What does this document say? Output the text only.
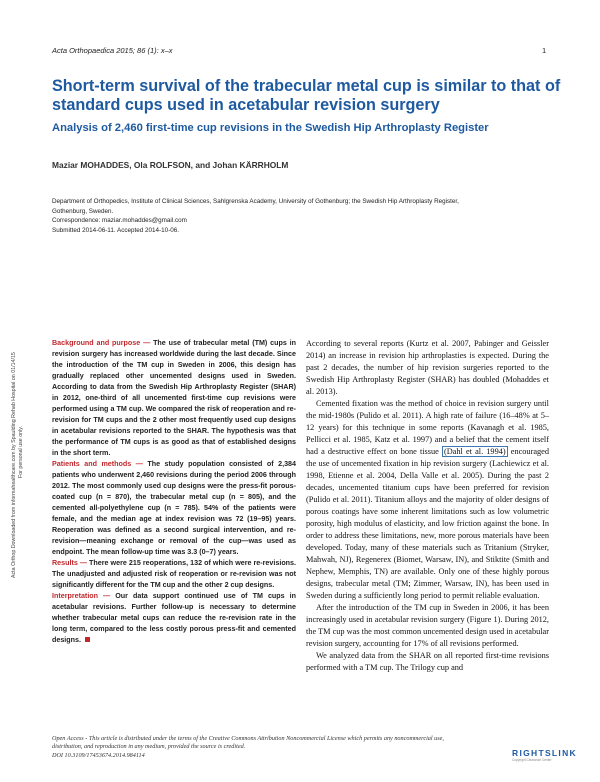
Acta Orthopaedica 2015; 86 (1): x–x	1
Short-term survival of the trabecular metal cup is similar to that of standard cups used in acetabular revision surgery
Analysis of 2,460 first-time cup revisions in the Swedish Hip Arthroplasty Register
Maziar MOHADDES, Ola ROLFSON, and Johan KÄRRHOLM
Department of Orthopedics, Institute of Clinical Sciences, Sahlgrenska Academy, University of Gothenburg; the Swedish Hip Arthroplasty Register,
Gothenburg, Sweden.
Correspondence: maziar.mohaddes@gmail.com
Submitted 2014-06-11. Accepted 2014-10-06.

Background and purpose — The use of trabecular metal (TM) cups in revision surgery has increased worldwide during the last decade. Since the introduction of the TM cup in Sweden in 2006, this design has gradually replaced other uncemented designs used in Sweden. According to data from the Swedish Hip Arthroplasty Register (SHAR) in 2012, one-third of all uncemented first-time cup revisions were performed using a TM cup. We compared the risk of reoperation and re-revision for TM cups and the 2 other most frequently used cup designs in acetabular revisions reported to the SHAR. The hypothesis was that the performance of TM cups is as good as that of established designs in the short term.

Patients and methods — The study population consisted of 2,384 patients who underwent 2,460 revisions during the period 2006 through 2012. The most commonly used cup designs were the press-fit porous-coated cup (n = 870), the trabecular metal cup (n = 805), and the cemented all-polyethylene cup (n = 785). 54% of the patients were female, and the median age at index revision was 72 (19–95) years. Reoperation was defined as a second surgical intervention, and re-revision—meaning exchange or removal of the cup—was used as endpoint. The mean follow-up time was 3.3 (0–7) years.

Results — There were 215 reoperations, 132 of which were re-revisions. The unadjusted and adjusted risk of reoperation or re-revision was not significantly different for the TM cup and the other 2 cup designs.

Interpretation — Our data support continued use of TM cups in acetabular revisions. Further follow-up is necessary to determine whether trabecular metal cups can reduce the re-revision rate in the long term, compared to the less costly porous press-fit and cemented designs.

According to several reports (Kurtz et al. 2007, Pabinger and Geissler 2014) an increase in revision hip arthroplasties is expected. During the past 2 decades, the number of hip revision surgeries reported to the Swedish Hip Arthroplasty Register (SHAR) has doubled (Mohaddes et al. 2013).

Cemented fixation was the method of choice in revision surgery until the mid-1980s (Pulido et al. 2011). A high rate of failure (16–48% at 5–12 years) for this technique in some reports (Kavanagh et al. 1985, Pellicci et al. 1985, Katz et al. 1997) and a belief that the cement itself had a destructive effect on bone tissue (Dahl et al. 1994) encouraged the use of uncemented fixation in hip revision surgery (Lachiewicz et al. 1998, Etienne et al. 2004, Della Valle et al. 2005). During the past 2 decades, uncemented titanium cups have been preferred for revision (Pulido et al. 2011). Titanium alloys and the majority of older designs of porous coatings have some inherent limitations such as low volumetric porosity, high modulus of elasticity, and low friction against the bone. In order to address these limitations, new, more porous materials have been developed. Today, many of these materials such as Tritanium (Stryker, Mahwah, NJ), Regenerex (Biomet, Warsaw, IN), and Stiktite (Smith and Nephew, Memphis, TN) are available. Only one of these highly porous designs, trabecular metal (TM; Zimmer, Warsaw, IN), has been used in Sweden during a sufficiently long period to permit reliable evaluation.

After the introduction of the TM cup in Sweden in 2006, it has been increasingly used in acetabular revision surgery (Figure 1). During 2012, the TM cup was the most common uncemented design used in acetabular revision surgery, accounting for 17% of all revisions performed.

We analyzed data from the SHAR on all reported first-time revisions performed with a TM cup. The Trilogy cup and

Open Access - This article is distributed under the terms of the Creative Commons Attribution Noncommercial License which permits any noncommercial use,
distribution, and reproduction in any medium, provided the source is credited.
DOI 10.3109/17453674.2014.984114	RIGHTSLINK
Copyright Clearance Center
Acta Orthop Downloaded from informahealthcare.com by Spaulding Rehab Hospital on 01/14/15 For personal use only.
